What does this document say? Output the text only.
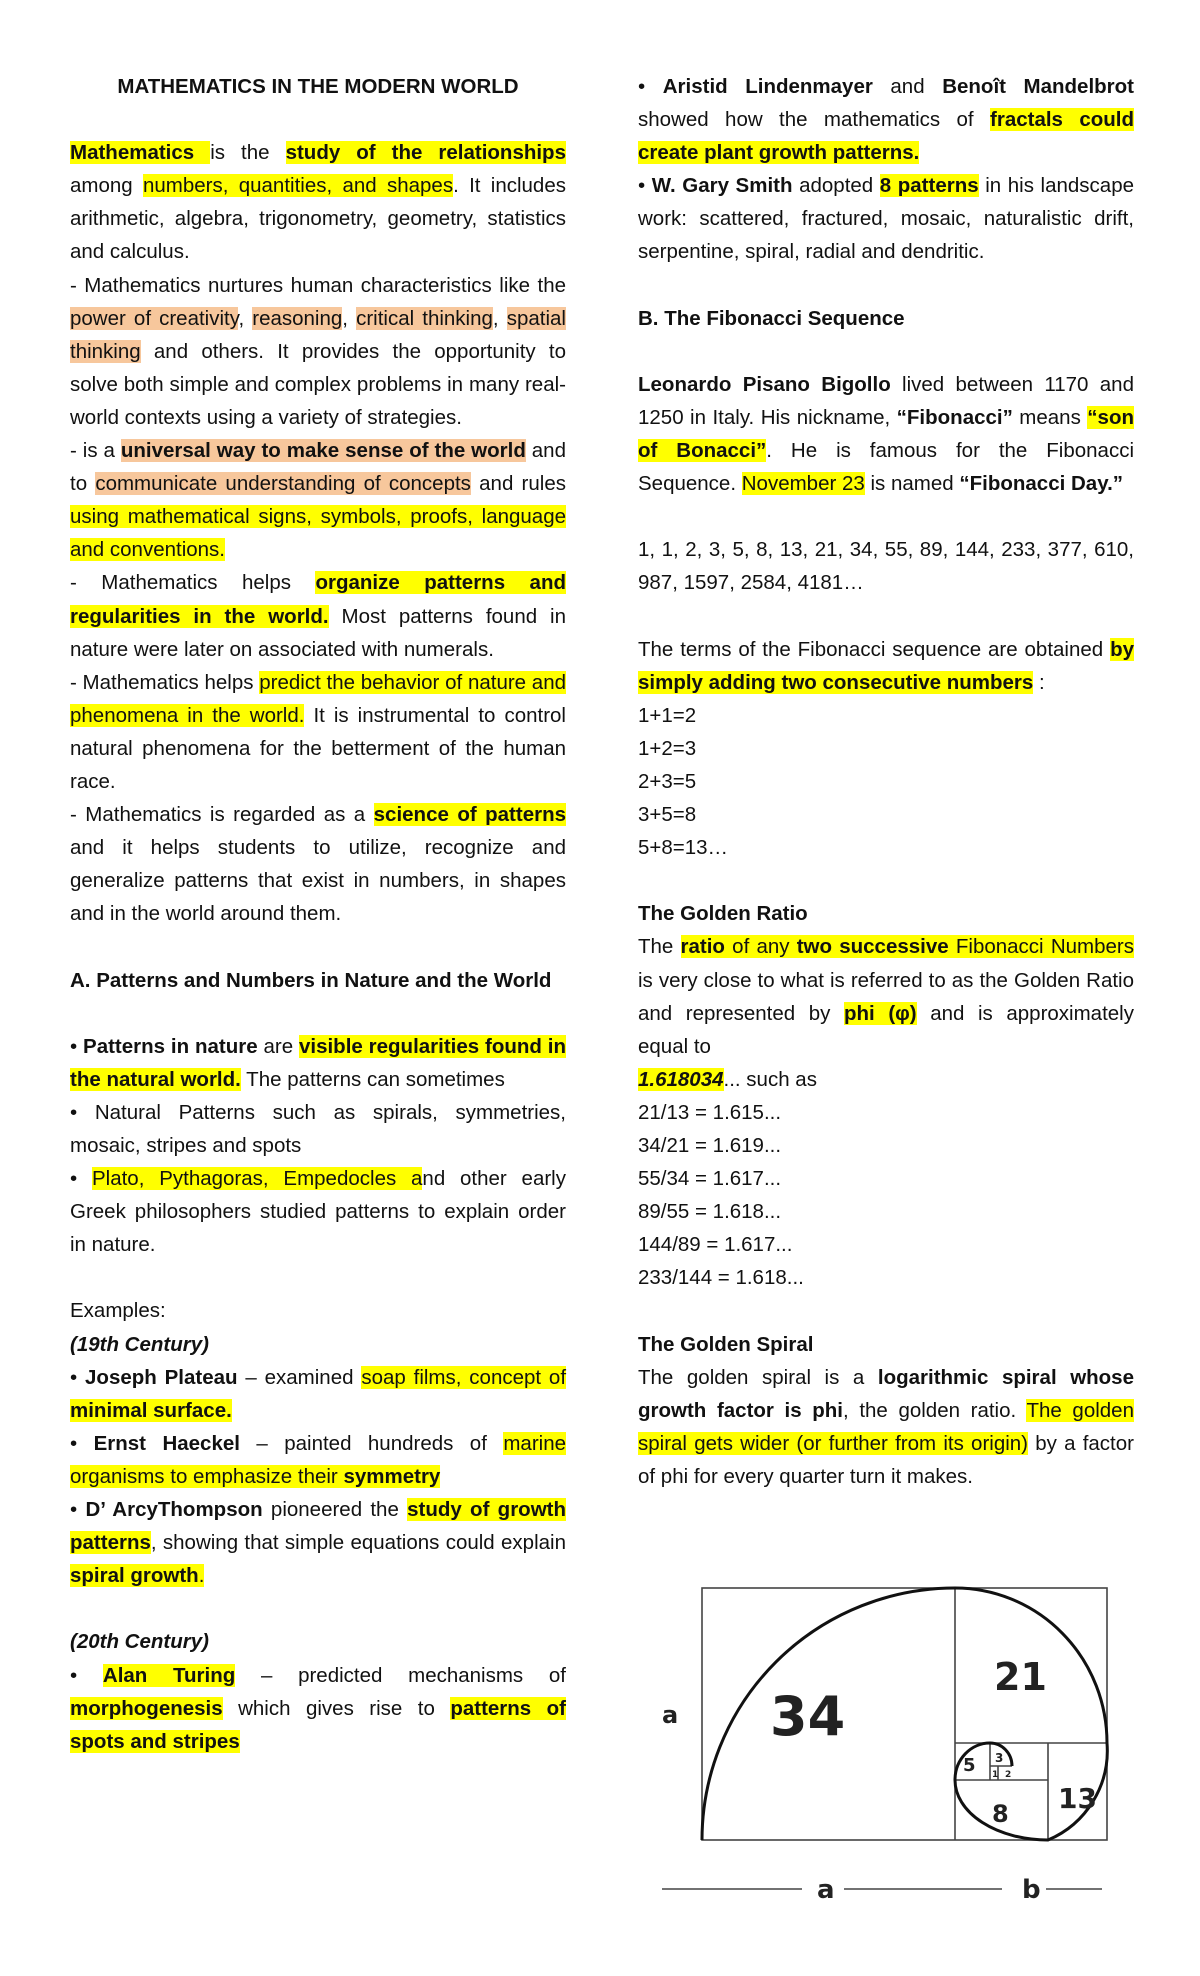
MATHEMATICS IN THE MODERN WORLD

Mathematics is the study of the relationships among numbers, quantities, and shapes. It includes arithmetic, algebra, trigonometry, geometry, statistics and calculus.

- Mathematics nurtures human characteristics like the power of creativity, reasoning, critical thinking, spatial thinking and others. It provides the opportunity to solve both simple and complex problems in many real-world contexts using a variety of strategies.

- is a universal way to make sense of the world and to communicate understanding of concepts and rules using mathematical signs, symbols, proofs, language and conventions.

- Mathematics helps organize patterns and regularities in the world. Most patterns found in nature were later on associated with numerals.

- Mathematics helps predict the behavior of nature and phenomena in the world. It is instrumental to control natural phenomena for the betterment of the human race.

- Mathematics is regarded as a science of patterns and it helps students to utilize, recognize and generalize patterns that exist in numbers, in shapes and in the world around them.

A. Patterns and Numbers in Nature and the World

• Patterns in nature are visible regularities found in the natural world. The patterns can sometimes

• Natural Patterns such as spirals, symmetries, mosaic, stripes and spots

• Plato, Pythagoras, Empedocles and other early Greek philosophers studied patterns to explain order in nature.

Examples:

(19th Century)

• Joseph Plateau – examined soap films, concept of minimal surface.

• Ernst Haeckel – painted hundreds of marine organisms to emphasize their symmetry

• D’ ArcyThompson pioneered the study of growth patterns, showing that simple equations could explain spiral growth.

(20th Century)

• Alan Turing – predicted mechanisms of morphogenesis which gives rise to patterns of spots and stripes

• Aristid Lindenmayer and Benoît Mandelbrot showed how the mathematics of fractals could create plant growth patterns.

• W. Gary Smith adopted 8 patterns in his landscape work: scattered, fractured, mosaic, naturalistic drift, serpentine, spiral, radial and dendritic.

B. The Fibonacci Sequence

Leonardo Pisano Bigollo lived between 1170 and 1250 in Italy. His nickname, “Fibonacci” means “son of Bonacci”. He is famous for the Fibonacci Sequence. November 23 is named “Fibonacci Day.”

1, 1, 2, 3, 5, 8, 13, 21, 34, 55, 89, 144, 233, 377, 610, 987, 1597, 2584, 4181…

The terms of the Fibonacci sequence are obtained by simply adding two consecutive numbers :

1+1=2

1+2=3

2+3=5

3+5=8

5+8=13…

The Golden Ratio

The ratio of any two successive Fibonacci Numbers is very close to what is referred to as the Golden Ratio and represented by phi (φ) and is approximately equal to

1.618034... such as

21/13 = 1.615...

34/21 = 1.619...

55/34 = 1.617...

89/55 = 1.618...

144/89 = 1.617...

233/144 = 1.618...

The Golden Spiral

The golden spiral is a logarithmic spiral whose growth factor is phi, the golden ratio. The golden spiral gets wider (or further from its origin) by a factor of phi for every quarter turn it makes.

34
21
13
8
5 3
2
1
a
a	b
